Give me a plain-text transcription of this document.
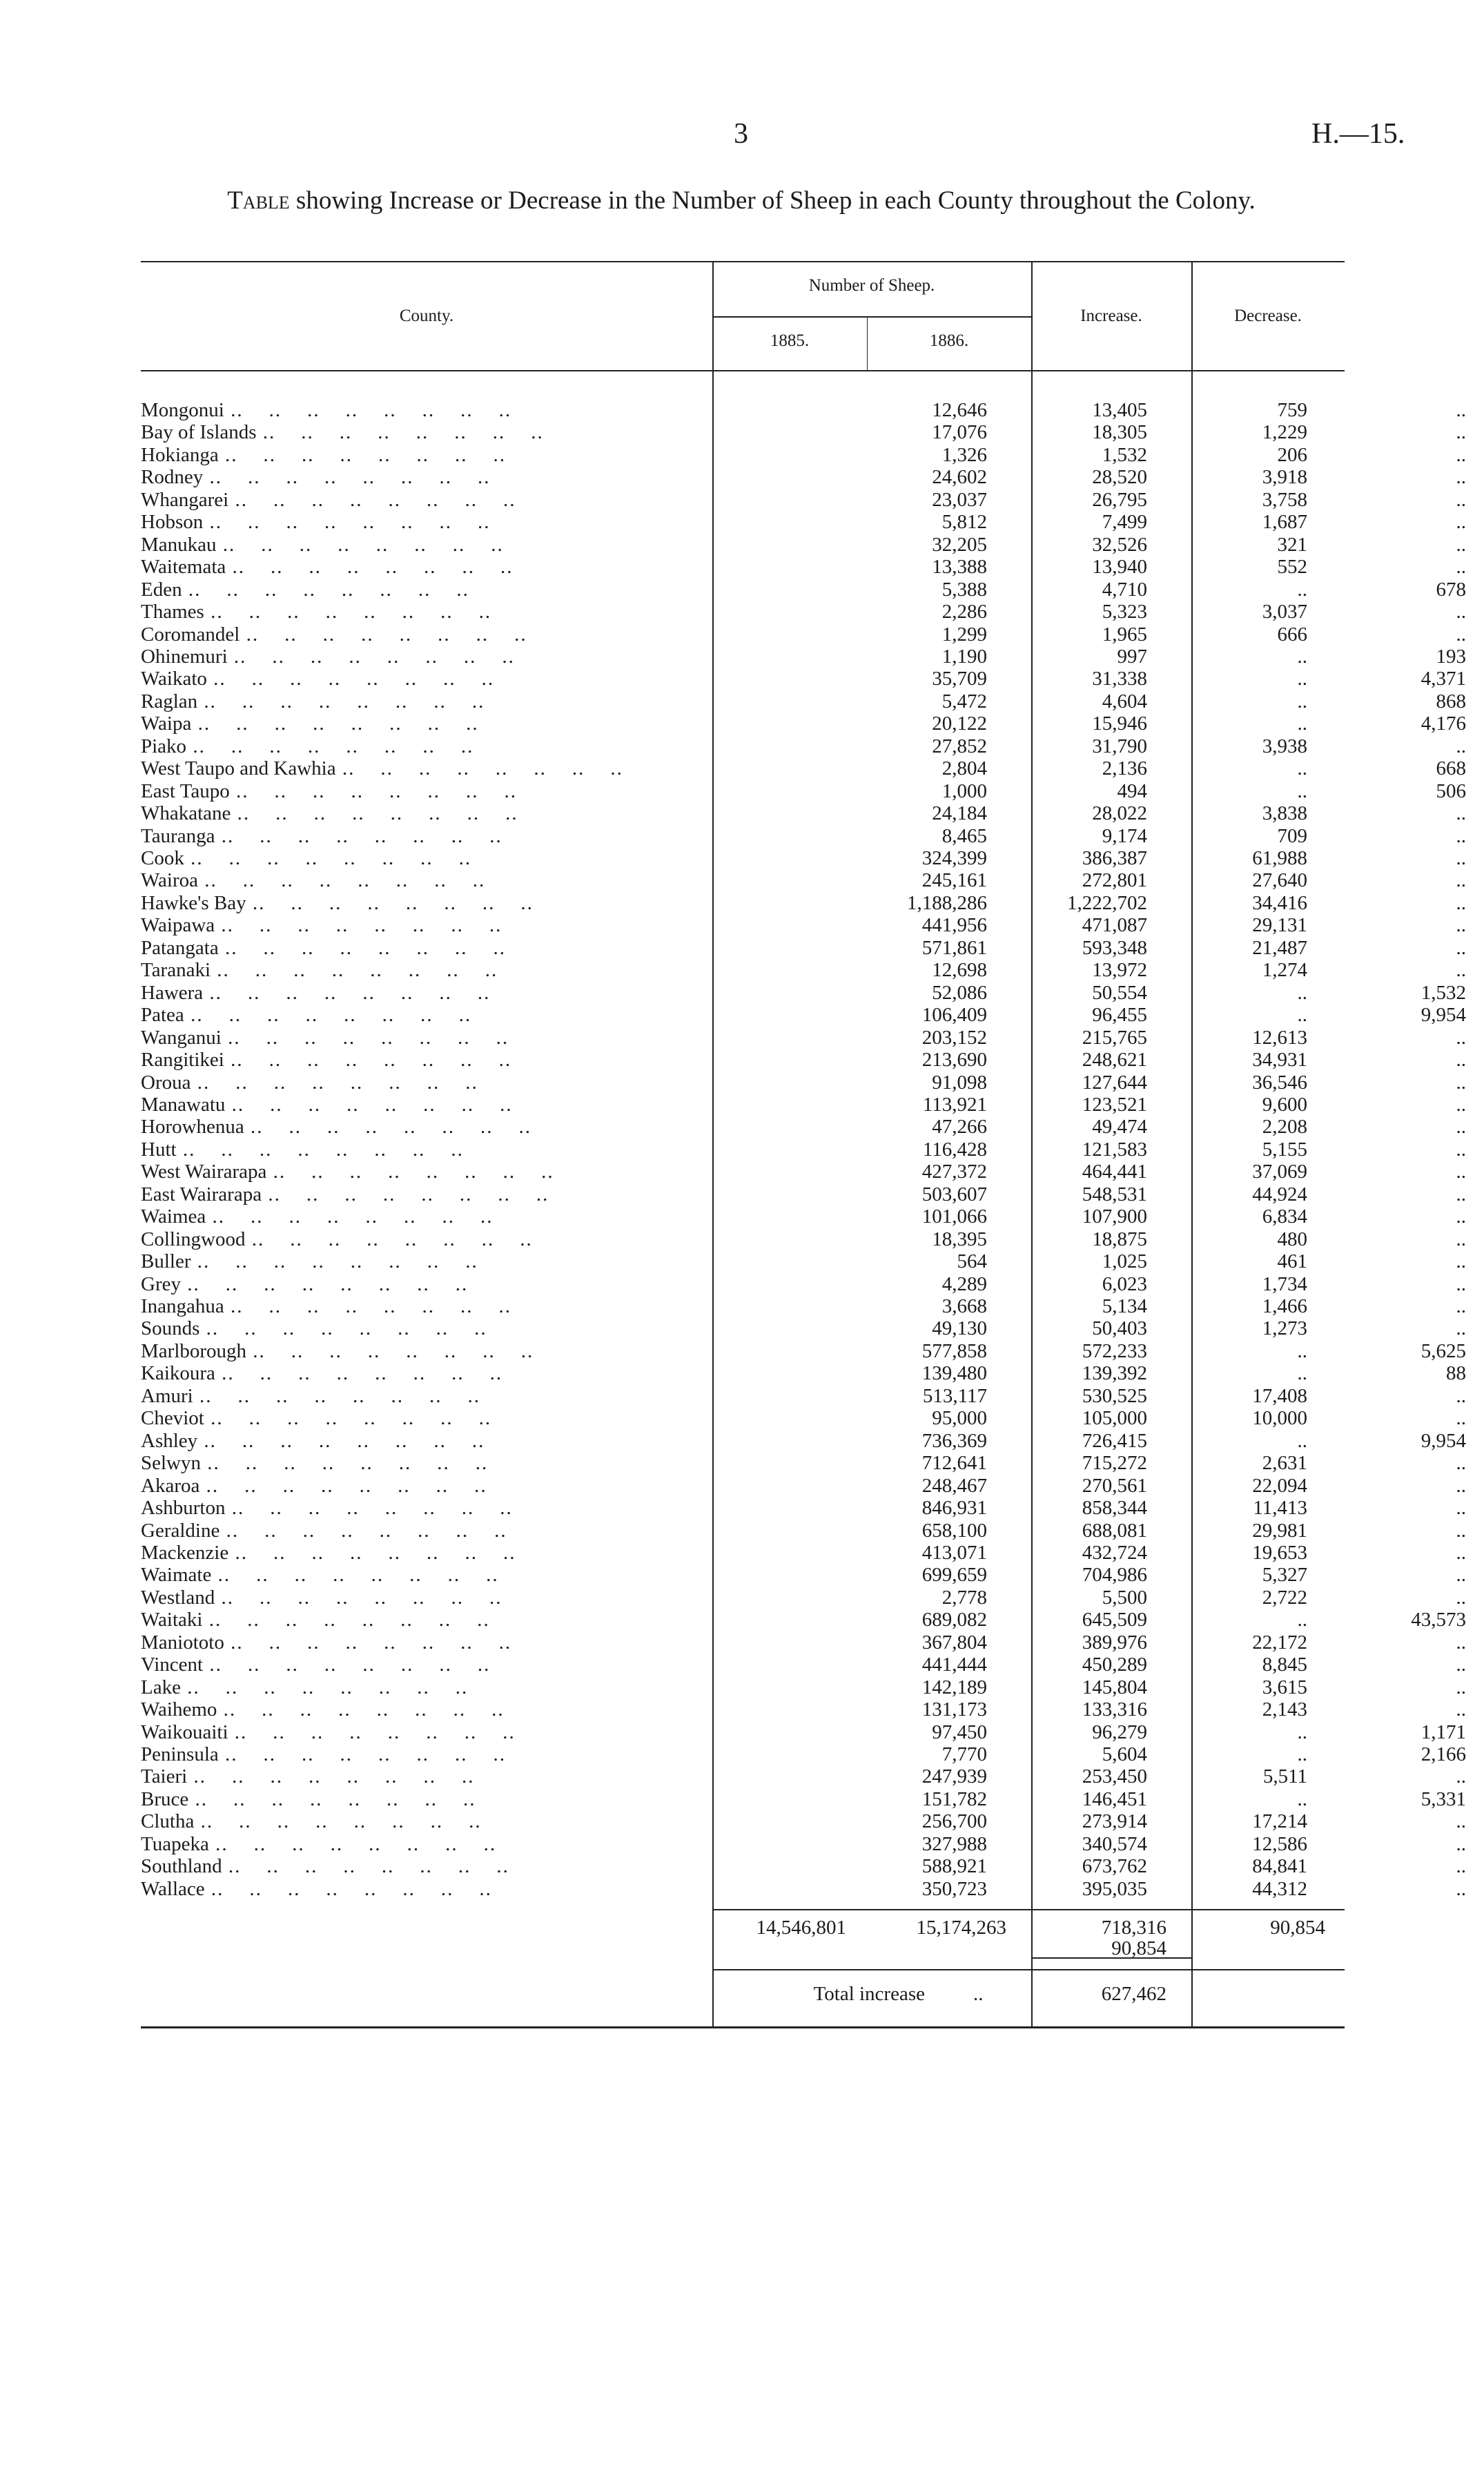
3	H.—15.
Table showing Increase or Decrease in the Number of Sheep in each County throughout the Colony.
County.
Number of Sheep.
1885.	1886.
Increase.	Decrease.
Mongonui ..	12,646	13,405	759	..
Bay of Islands ..	17,076	18,305	1,229	..
Hokianga ..	1,326	1,532	206	..
Rodney ..	24,602	28,520	3,918	..
Whangarei ..	23,037	26,795	3,758	..
Hobson ..	5,812	7,499	1,687	..
Manukau ..	32,205	32,526	321	..
Waitemata ..	13,388	13,940	552	..
Eden ..	5,388	4,710	..	678
Thames ..	2,286	5,323	3,037	..
Coromandel ..	1,299	1,965	666	..
Ohinemuri ..	1,190	997	..	193
Waikato ..	35,709	31,338	..	4,371
Raglan ..	5,472	4,604	..	868
Waipa ..	20,122	15,946	..	4,176
Piako ..	27,852	31,790	3,938	..
West Taupo and Kawhia ..	2,804	2,136	..	668
East Taupo ..	1,000	494	..	506
Whakatane ..	24,184	28,022	3,838	..
Tauranga ..	8,465	9,174	709	..
Cook ..	324,399	386,387	61,988	..
Wairoa ..	245,161	272,801	27,640	..
Hawke's Bay ..	1,188,286	1,222,702	34,416	..
Waipawa ..	441,956	471,087	29,131	..
Patangata ..	571,861	593,348	21,487	..
Taranaki ..	12,698	13,972	1,274	..
Hawera ..	52,086	50,554	..	1,532
Patea ..	106,409	96,455	..	9,954
Wanganui ..	203,152	215,765	12,613	..
Rangitikei ..	213,690	248,621	34,931	..
Oroua ..	91,098	127,644	36,546	..
Manawatu ..	113,921	123,521	9,600	..
Horowhenua ..	47,266	49,474	2,208	..
Hutt ..	116,428	121,583	5,155	..
West Wairarapa ..	427,372	464,441	37,069	..
East Wairarapa ..	503,607	548,531	44,924	..
Waimea ..	101,066	107,900	6,834	..
Collingwood ..	18,395	18,875	480	..
Buller ..	564	1,025	461	..
Grey ..	4,289	6,023	1,734	..
Inangahua ..	3,668	5,134	1,466	..
Sounds ..	49,130	50,403	1,273	..
Marlborough ..	577,858	572,233	..	5,625
Kaikoura ..	139,480	139,392	..	88
Amuri ..	513,117	530,525	17,408	..
Cheviot ..	95,000	105,000	10,000	..
Ashley ..	736,369	726,415	..	9,954
Selwyn ..	712,641	715,272	2,631	..
Akaroa ..	248,467	270,561	22,094	..
Ashburton ..	846,931	858,344	11,413	..
Geraldine ..	658,100	688,081	29,981	..
Mackenzie ..	413,071	432,724	19,653	..
Waimate ..	699,659	704,986	5,327	..
Westland ..	2,778	5,500	2,722	..
Waitaki ..	689,082	645,509	..	43,573
Maniototo ..	367,804	389,976	22,172	..
Vincent ..	441,444	450,289	8,845	..
Lake ..	142,189	145,804	3,615	..
Waihemo ..	131,173	133,316	2,143	..
Waikouaiti ..	97,450	96,279	..	1,171
Peninsula ..	7,770	5,604	..	2,166
Taieri ..	247,939	253,450	5,511	..
Bruce ..	151,782	146,451	..	5,331
Clutha ..	256,700	273,914	17,214	..
Tuapeka ..	327,988	340,574	12,586	..
Southland ..	588,921	673,762	84,841	..
Wallace ..	350,723	395,035	44,312	..
14,546,801	15,174,263	718,316	90,854
90,854
Total increase ..	627,462
